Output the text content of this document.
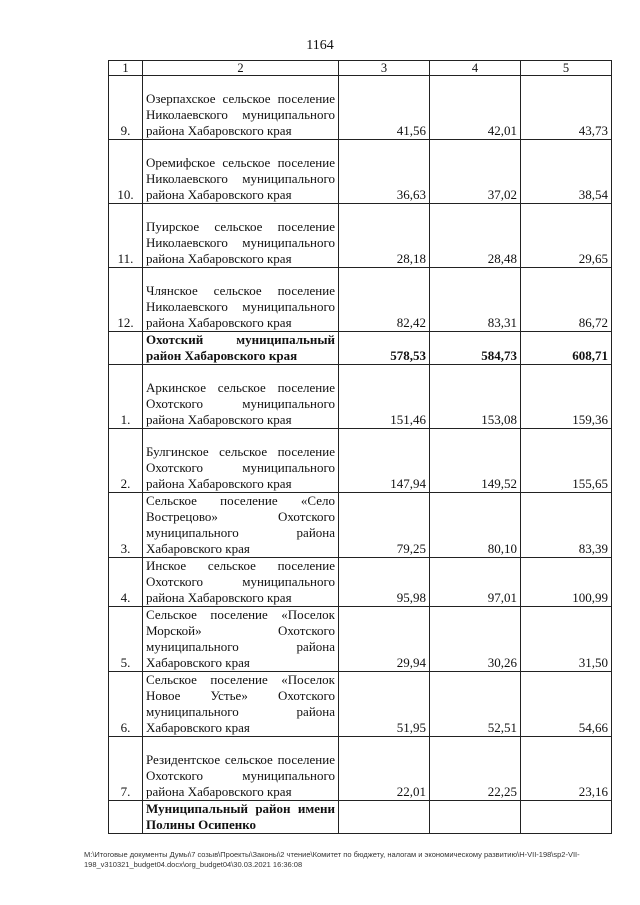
1164
1	2	3	4	5
9.	Озерпахское сельское поселение Николаевского муниципального района Хабаровского края	41,56	42,01	43,73
10.	Оремифское сельское поселение Николаевского муниципального района Хабаровского края	36,63	37,02	38,54
11.	Пуирское сельское поселение Николаевского муниципального района Хабаровского края	28,18	28,48	29,65
12.	Члянское сельское поселение Николаевского муниципального района Хабаровского края	82,42	83,31	86,72
	Охотский муниципальный район Хабаровского края	578,53	584,73	608,71
1.	Аркинское сельское поселение Охотского муниципального района Хабаровского края	151,46	153,08	159,36
2.	Булгинское сельское поселение Охотского муниципального района Хабаровского края	147,94	149,52	155,65
3.	Сельское поселение «Село Вострецово» Охотского муниципального района Хабаровского края	79,25	80,10	83,39
4.	Инское сельское поселение Охотского муниципального района Хабаровского края	95,98	97,01	100,99
5.	Сельское поселение «Поселок Морской» Охотского муниципального района Хабаровского края	29,94	30,26	31,50
6.	Сельское поселение «Поселок Новое Устье» Охотского муниципального района Хабаровского края	51,95	52,51	54,66
7.	Резидентское сельское поселение Охотского муниципального района Хабаровского края	22,01	22,25	23,16
	Муниципальный район имени Полины Осипенко			
M:\Итоговые документы Думы\7 созыв\Проекты\Законы\2 чтение\Комитет по бюджету, налогам и экономическому развитию\Н-VII-198\sp2-VII-198_v310321_budget04.docx\org_budget04\30.03.2021 16:36:08
